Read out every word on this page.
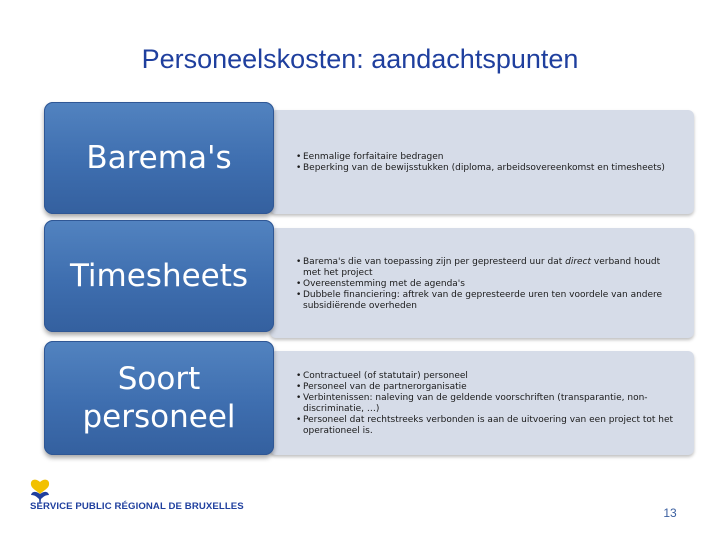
Personeelskosten: aandachtspunten
• Eenmalige forfaitaire bedragen
• Beperking van de bewijsstukken (diploma, arbeidsovereenkomst en timesheets)
Barema's
• Barema's die van toepassing zijn per gepresteerd uur dat direct verband houdt met het project
• Overeenstemming met de agenda's
• Dubbele financiering: aftrek van de gepresteerde uren ten voordele van andere subsidiërende overheden
Timesheets
• Contractueel (of statutair) personeel
• Personeel van de partnerorganisatie
• Verbintenissen: naleving van de geldende voorschriften (transparantie, non-discriminatie, …)
• Personeel dat rechtstreeks verbonden is aan de uitvoering van een project tot het operationeel is.
Soort
personeel
SERVICE PUBLIC RÉGIONAL DE BRUXELLES	13
